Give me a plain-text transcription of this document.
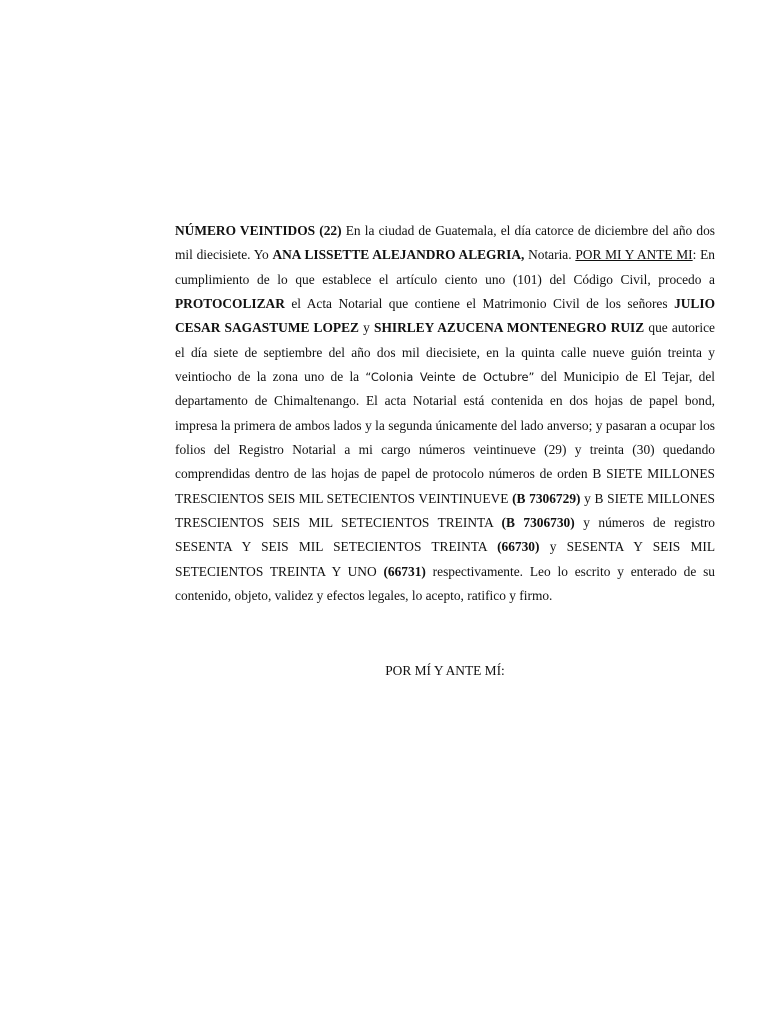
NÚMERO VEINTIDOS (22) En la ciudad de Guatemala, el día catorce de diciembre del año dos mil diecisiete. Yo ANA LISSETTE ALEJANDRO ALEGRIA, Notaria. POR MI Y ANTE MI: En cumplimiento de lo que establece el artículo ciento uno (101) del Código Civil, procedo a PROTOCOLIZAR el Acta Notarial que contiene el Matrimonio Civil de los señores JULIO CESAR SAGASTUME LOPEZ y SHIRLEY AZUCENA MONTENEGRO RUIZ que autorice el día siete de septiembre del año dos mil diecisiete, en la quinta calle nueve guión treinta y veintiocho de la zona uno de la “Colonia Veinte de Octubre” del Municipio de El Tejar, del departamento de Chimaltenango. El acta Notarial está contenida en dos hojas de papel bond, impresa la primera de ambos lados y la segunda únicamente del lado anverso; y pasaran a ocupar los folios del Registro Notarial a mi cargo números veintinueve (29) y treinta (30) quedando comprendidas dentro de las hojas de papel de protocolo números de orden B SIETE MILLONES TRESCIENTOS SEIS MIL SETECIENTOS VEINTINUEVE (B 7306729) y B SIETE MILLONES TRESCIENTOS SEIS MIL SETECIENTOS TREINTA (B 7306730) y números de registro SESENTA Y SEIS MIL SETECIENTOS TREINTA (66730) y SESENTA Y SEIS MIL SETECIENTOS TREINTA Y UNO (66731) respectivamente. Leo lo escrito y enterado de su contenido, objeto, validez y efectos legales, lo acepto, ratifico y firmo.
POR MÍ Y ANTE MÍ:
